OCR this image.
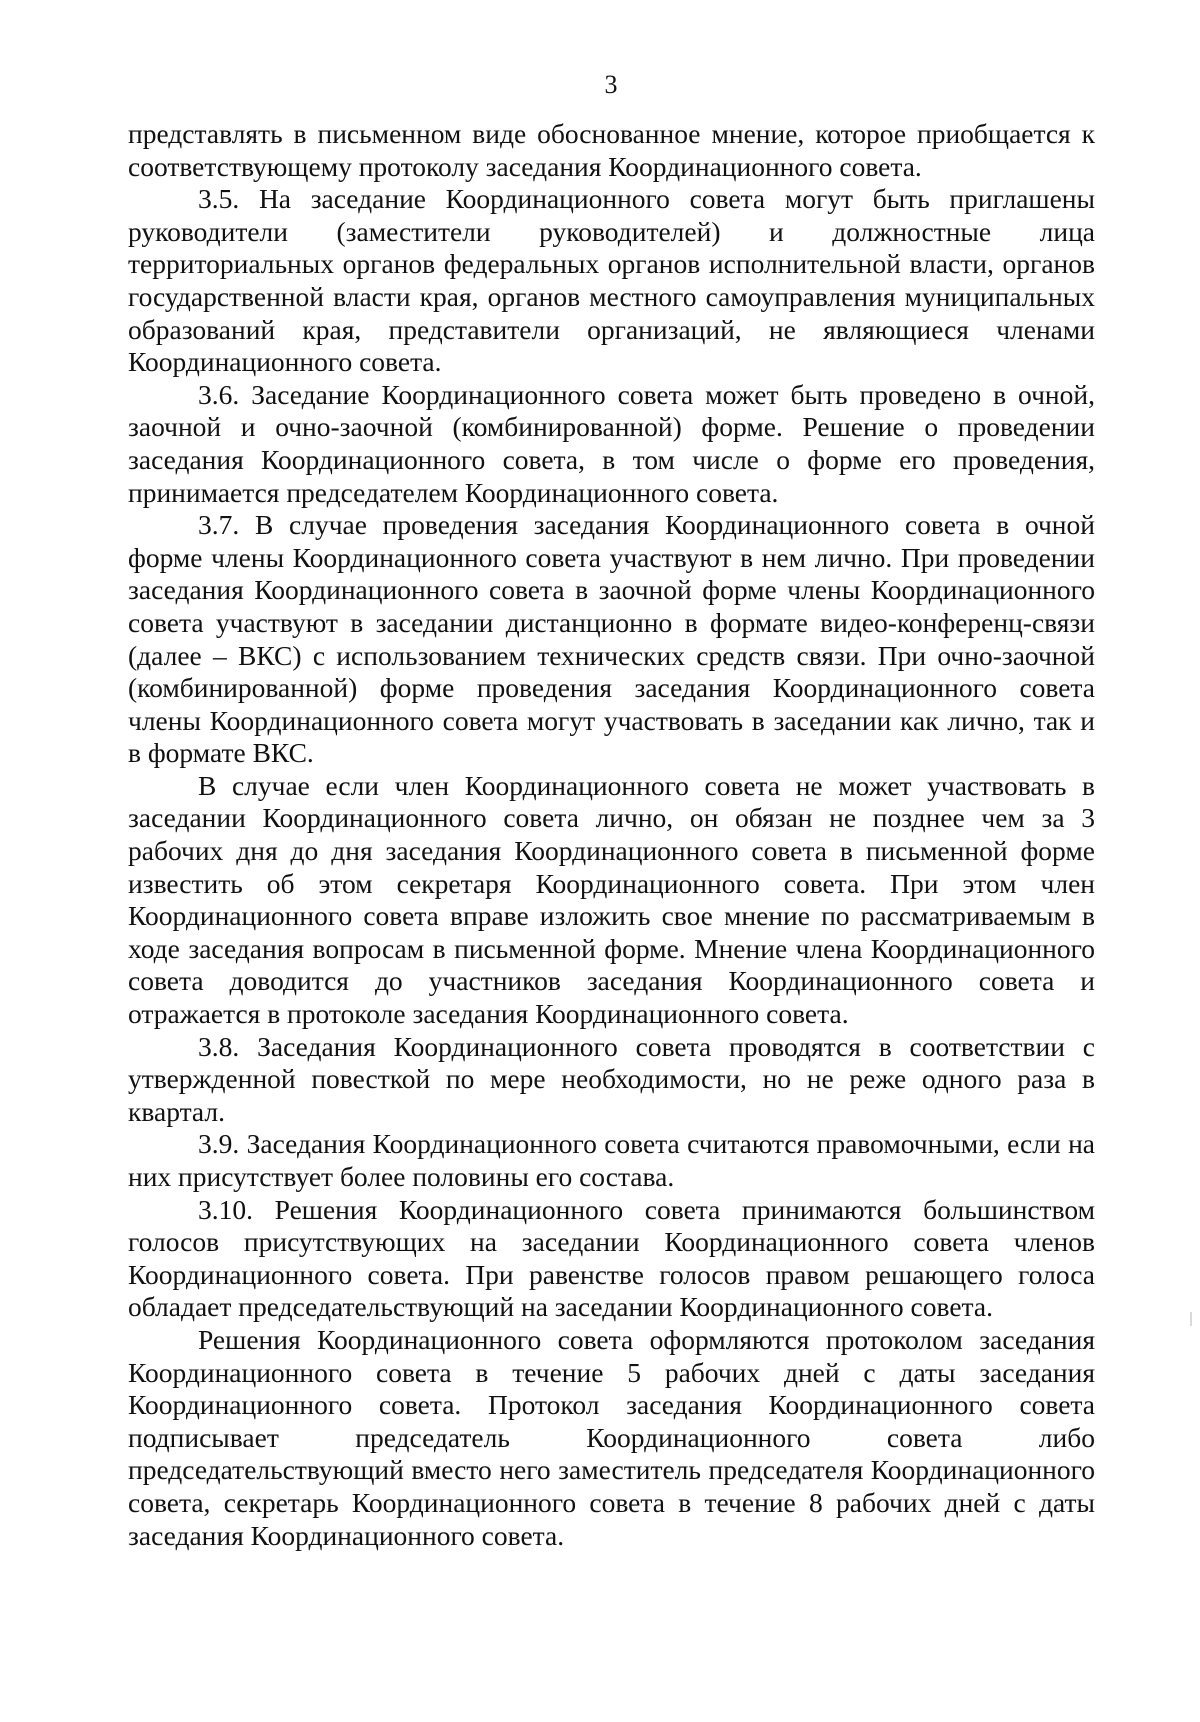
3

представлять в письменном виде обоснованное мнение, которое приобщается к соответствующему протоколу заседания Координационного совета.

3.5. На заседание Координационного совета могут быть приглашены руководители (заместители руководителей) и должностные лица территориальных органов федеральных органов исполнительной власти, органов государственной власти края, органов местного самоуправления муниципальных образований края, представители организаций, не являющиеся членами Координационного совета.

3.6. Заседание Координационного совета может быть проведено в очной, заочной и очно-заочной (комбинированной) форме. Решение о проведении заседания Координационного совета, в том числе о форме его проведения, принимается председателем Координационного совета.

3.7. В случае проведения заседания Координационного совета в очной форме члены Координационного совета участвуют в нем лично. При проведении заседания Координационного совета в заочной форме члены Координационного совета участвуют в заседании дистанционно в формате видео-конференц-связи (далее – ВКС) с использованием технических средств связи. При очно-заочной (комбинированной) форме проведения заседания Координационного совета члены Координационного совета могут участвовать в заседании как лично, так и в формате ВКС.

В случае если член Координационного совета не может участвовать в заседании Координационного совета лично, он обязан не позднее чем за 3 рабочих дня до дня заседания Координационного совета в письменной форме известить об этом секретаря Координационного совета. При этом член Координационного совета вправе изложить свое мнение по рассматриваемым в ходе заседания вопросам в письменной форме. Мнение члена Координационного совета доводится до участников заседания Координационного совета и отражается в протоколе заседания Координационного совета.

3.8. Заседания Координационного совета проводятся в соответствии с утвержденной повесткой по мере необходимости, но не реже одного раза в квартал.

3.9. Заседания Координационного совета считаются правомочными, если на них присутствует более половины его состава.

3.10. Решения Координационного совета принимаются большинством голосов присутствующих на заседании Координационного совета членов Координационного совета. При равенстве голосов правом решающего голоса обладает председательствующий на заседании Координационного совета.

Решения Координационного совета оформляются протоколом заседания Координационного совета в течение 5 рабочих дней с даты заседания Координационного совета. Протокол заседания Координационного совета подписывает председатель Координационного совета либо председательствующий вместо него заместитель председателя Координационного совета, секретарь Координационного совета в течение 8 рабочих дней с даты заседания Координационного совета.
